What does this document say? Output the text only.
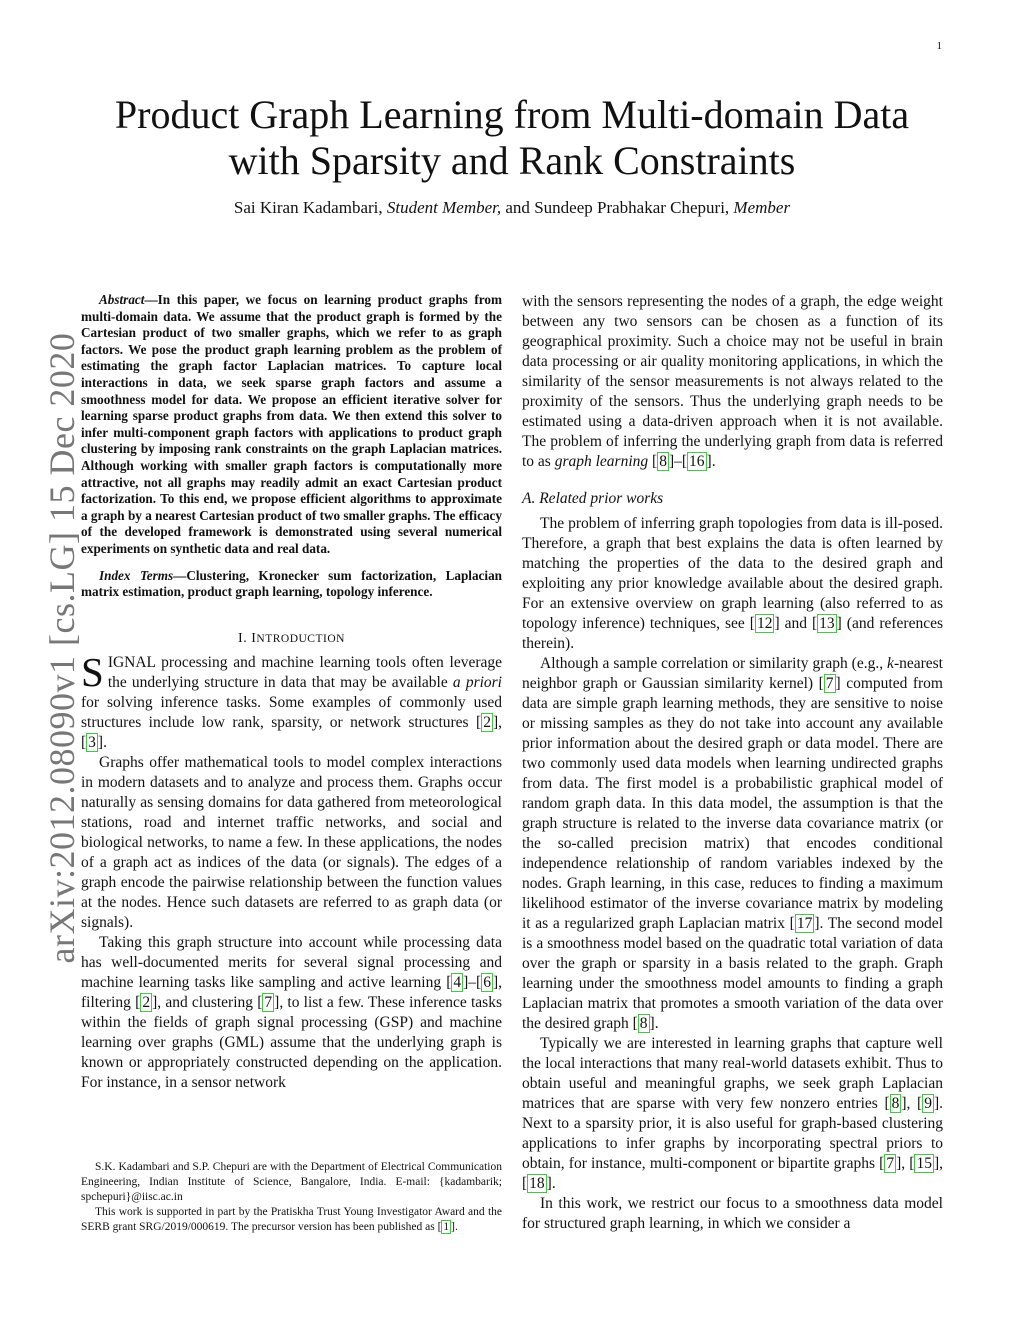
1
arXiv:2012.08090v1 [cs.LG] 15 Dec 2020
Product Graph Learning from Multi-domain Data
with Sparsity and Rank Constraints
Sai Kiran Kadambari, Student Member, and Sundeep Prabhakar Chepuri, Member

Abstract—In this paper, we focus on learning product graphs from multi-domain data. We assume that the product graph is formed by the Cartesian product of two smaller graphs, which we refer to as graph factors. We pose the product graph learning problem as the problem of estimating the graph factor Laplacian matrices. To capture local interactions in data, we seek sparse graph factors and assume a smoothness model for data. We propose an efficient iterative solver for learning sparse product graphs from data. We then extend this solver to infer multi-component graph factors with applications to product graph clustering by imposing rank constraints on the graph Laplacian matrices. Although working with smaller graph factors is computationally more attractive, not all graphs may readily admit an exact Cartesian product factorization. To this end, we propose efficient algorithms to approximate a graph by a nearest Cartesian product of two smaller graphs. The efficacy of the developed framework is demonstrated using several numerical experiments on synthetic data and real data.

Index Terms—Clustering, Kronecker sum factorization, Laplacian matrix estimation, product graph learning, topology inference.

I. INTRODUCTION

SIGNAL processing and machine learning tools often leverage the underlying structure in data that may be available a priori for solving inference tasks. Some examples of commonly used structures include low rank, sparsity, or network structures [ 2 ], [ 3 ].

Graphs offer mathematical tools to model complex interactions in modern datasets and to analyze and process them. Graphs occur naturally as sensing domains for data gathered from meteorological stations, road and internet traffic networks, and social and biological networks, to name a few. In these applications, the nodes of a graph act as indices of the data (or signals). The edges of a graph encode the pairwise relationship between the function values at the nodes. Hence such datasets are referred to as graph data (or signals).

Taking this graph structure into account while processing data has well-documented merits for several signal processing and machine learning tasks like sampling and active learning [ 4 ]–[ 6 ], filtering [ 2 ], and clustering [ 7 ], to list a few. These inference tasks within the fields of graph signal processing (GSP) and machine learning over graphs (GML) assume that the underlying graph is known or appropriately constructed depending on the application. For instance, in a sensor network

S.K. Kadambari and S.P. Chepuri are with the Department of Electrical Communication Engineering, Indian Institute of Science, Bangalore, India. E-mail: {kadambarik; spchepuri}@iisc.ac.in

This work is supported in part by the Pratiskha Trust Young Investigator Award and the SERB grant SRG/2019/000619. The precursor version has been published as [ 1 ].

with the sensors representing the nodes of a graph, the edge weight between any two sensors can be chosen as a function of its geographical proximity. Such a choice may not be useful in brain data processing or air quality monitoring applications, in which the similarity of the sensor measurements is not always related to the proximity of the sensors. Thus the underlying graph needs to be estimated using a data-driven approach when it is not available. The problem of inferring the underlying graph from data is referred to as graph learning [ 8 ]–[ 16 ].

A. Related prior works

The problem of inferring graph topologies from data is ill-posed. Therefore, a graph that best explains the data is often learned by matching the properties of the data to the desired graph and exploiting any prior knowledge available about the desired graph. For an extensive overview on graph learning (also referred to as topology inference) techniques, see [ 12 ] and [ 13 ] (and references therein).

Although a sample correlation or similarity graph (e.g., k-nearest neighbor graph or Gaussian similarity kernel) [ 7 ] computed from data are simple graph learning methods, they are sensitive to noise or missing samples as they do not take into account any available prior information about the desired graph or data model. There are two commonly used data models when learning undirected graphs from data. The first model is a probabilistic graphical model of random graph data. In this data model, the assumption is that the graph structure is related to the inverse data covariance matrix (or the so-called precision matrix) that encodes conditional independence relationship of random variables indexed by the nodes. Graph learning, in this case, reduces to finding a maximum likelihood estimator of the inverse covariance matrix by modeling it as a regularized graph Laplacian matrix [ 17 ]. The second model is a smoothness model based on the quadratic total variation of data over the graph or sparsity in a basis related to the graph. Graph learning under the smoothness model amounts to finding a graph Laplacian matrix that promotes a smooth variation of the data over the desired graph [ 8 ].

Typically we are interested in learning graphs that capture well the local interactions that many real-world datasets exhibit. Thus to obtain useful and meaningful graphs, we seek graph Laplacian matrices that are sparse with very few nonzero entries [ 8 ], [ 9 ]. Next to a sparsity prior, it is also useful for graph-based clustering applications to infer graphs by incorporating spectral priors to obtain, for instance, multi-component or bipartite graphs [ 7 ], [ 15 ], [ 18 ].

In this work, we restrict our focus to a smoothness data model for structured graph learning, in which we consider a
